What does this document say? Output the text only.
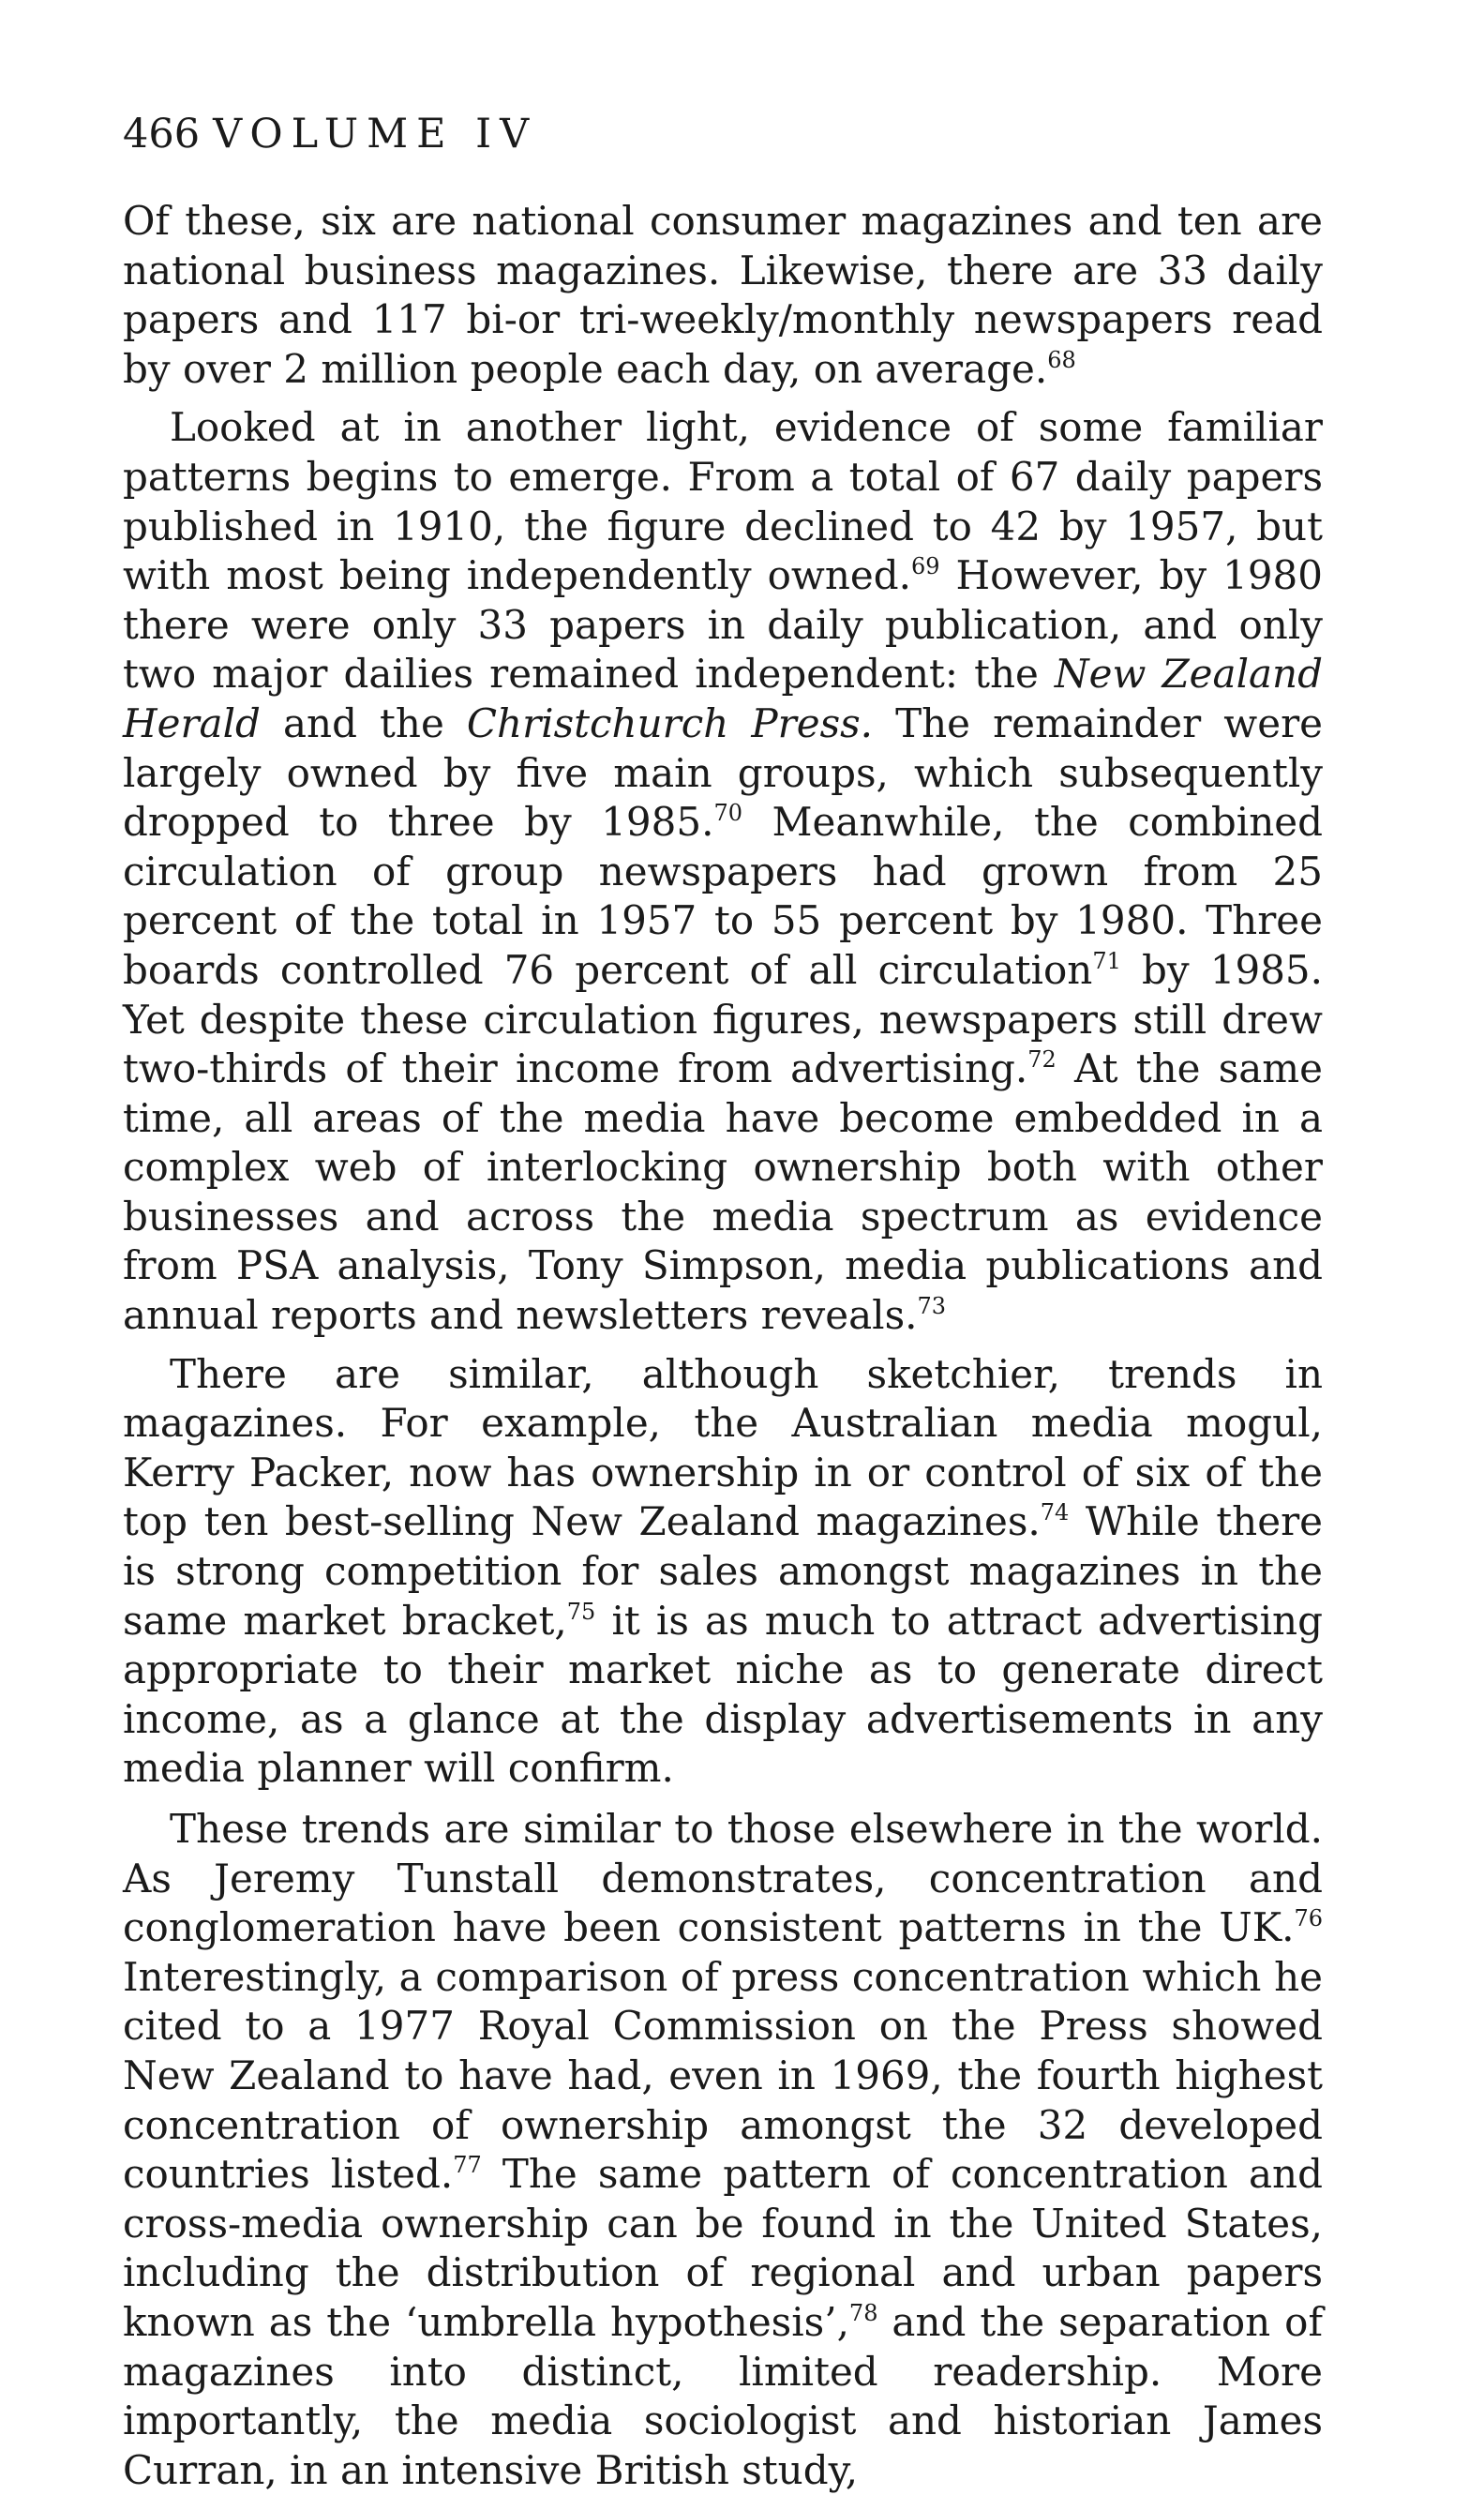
466 VOLUME IV

Of these, six are national consumer magazines and ten are national business magazines. Likewise, there are 33 daily papers and 117 bi-or tri-weekly/monthly newspapers read by over 2 million people each day, on average.$^{68}$

Looked at in another light, evidence of some familiar patterns begins to emerge. From a total of 67 daily papers published in 1910, the figure declined to 42 by 1957, but with most being independently owned.$^{69}$ However, by 1980 there were only 33 papers in daily publication, and only two major dailies remained independent: the New Zealand Herald and the Christchurch Press. The remainder were largely owned by five main groups, which subsequently dropped to three by 1985.70 Meanwhile, the combined circulation of group newspapers had grown from 25 percent of the total in 1957 to 55 percent by 1980. Three boards controlled 76 percent of all circulation$^{71}$ by 1985. Yet despite these circulation figures, newspapers still drew two-thirds of their income from advertising.$^{72}$ At the same time, all areas of the media have become embedded in a complex web of interlocking ownership both with other businesses and across the media spectrum as evidence from PSA analysis, Tony Simpson, media publications and annual reports and newsletters reveals.$^{73}$

There are similar, although sketchier, trends in magazines. For example, the Australian media mogul, Kerry Packer, now has ownership in or control of six of the top ten best-selling New Zealand magazines.$^{74}$ While there is strong competition for sales amongst magazines in the same market bracket,$^{75}$ it is as much to attract advertising appropriate to their market niche as to generate direct income, as a glance at the display advertisements in any media planner will confirm.

These trends are similar to those elsewhere in the world. As Jeremy Tunstall demonstrates, concentration and conglomeration have been consistent patterns in the UK.$^{76}$ Interestingly, a comparison of press concentration which he cited to a 1977 Royal Commission on the Press showed New Zealand to have had, even in 1969, the fourth highest concentration of ownership amongst the 32 developed countries listed.$^{77}$ The same pattern of concentration and cross-media ownership can be found in the United States, including the distribution of regional and urban papers known as the ‘umbrella hypothesis’,$^{78}$ and the separation of magazines into distinct, limited readership. More importantly, the media sociologist and historian James Curran, in an intensive British study,
